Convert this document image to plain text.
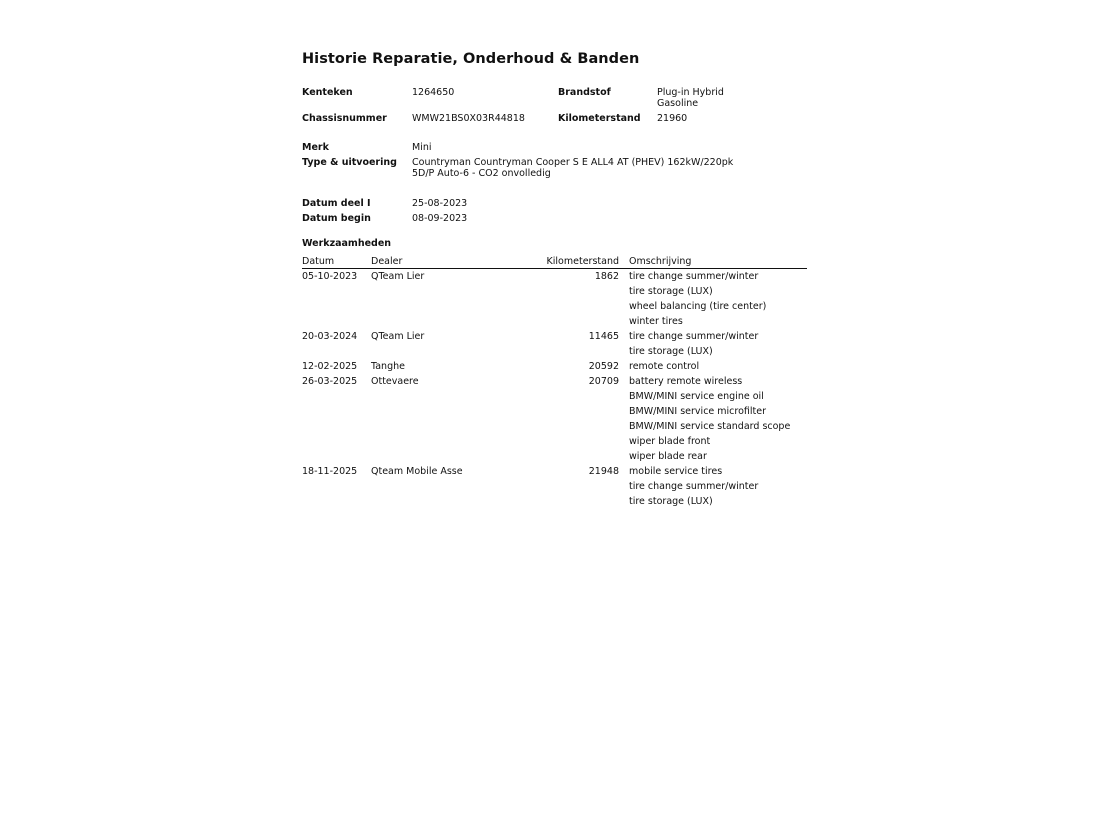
Historie Reparatie, Onderhoud & Banden
Kenteken	1264650	Brandstof	Plug-in Hybrid
Gasoline
Chassisnummer	WMW21BS0X03R44818	Kilometerstand 21960
Merk	Mini
Type & uitvoering Countryman Countryman Cooper S E ALL4 AT (PHEV) 162kW/220pk
5D/P Auto-6 - CO2 onvolledig
Datum deel I	25-08-2023
Datum begin	08-09-2023
Werkzaamheden
Datum	Dealer	Kilometerstand Omschrijving
05-10-2023 QTeam Lier	1862 tire change summer/winter
tire storage (LUX)
wheel balancing (tire center)
winter tires
20-03-2024 QTeam Lier	11465 tire change summer/winter
tire storage (LUX)
12-02-2025 Tanghe	20592 remote control
26-03-2025 Ottevaere	20709 battery remote wireless
BMW/MINI service engine oil
BMW/MINI service microfilter
BMW/MINI service standard scope
wiper blade front
wiper blade rear
18-11-2025 Qteam Mobile Asse	21948 mobile service tires
tire change summer/winter
tire storage (LUX)
